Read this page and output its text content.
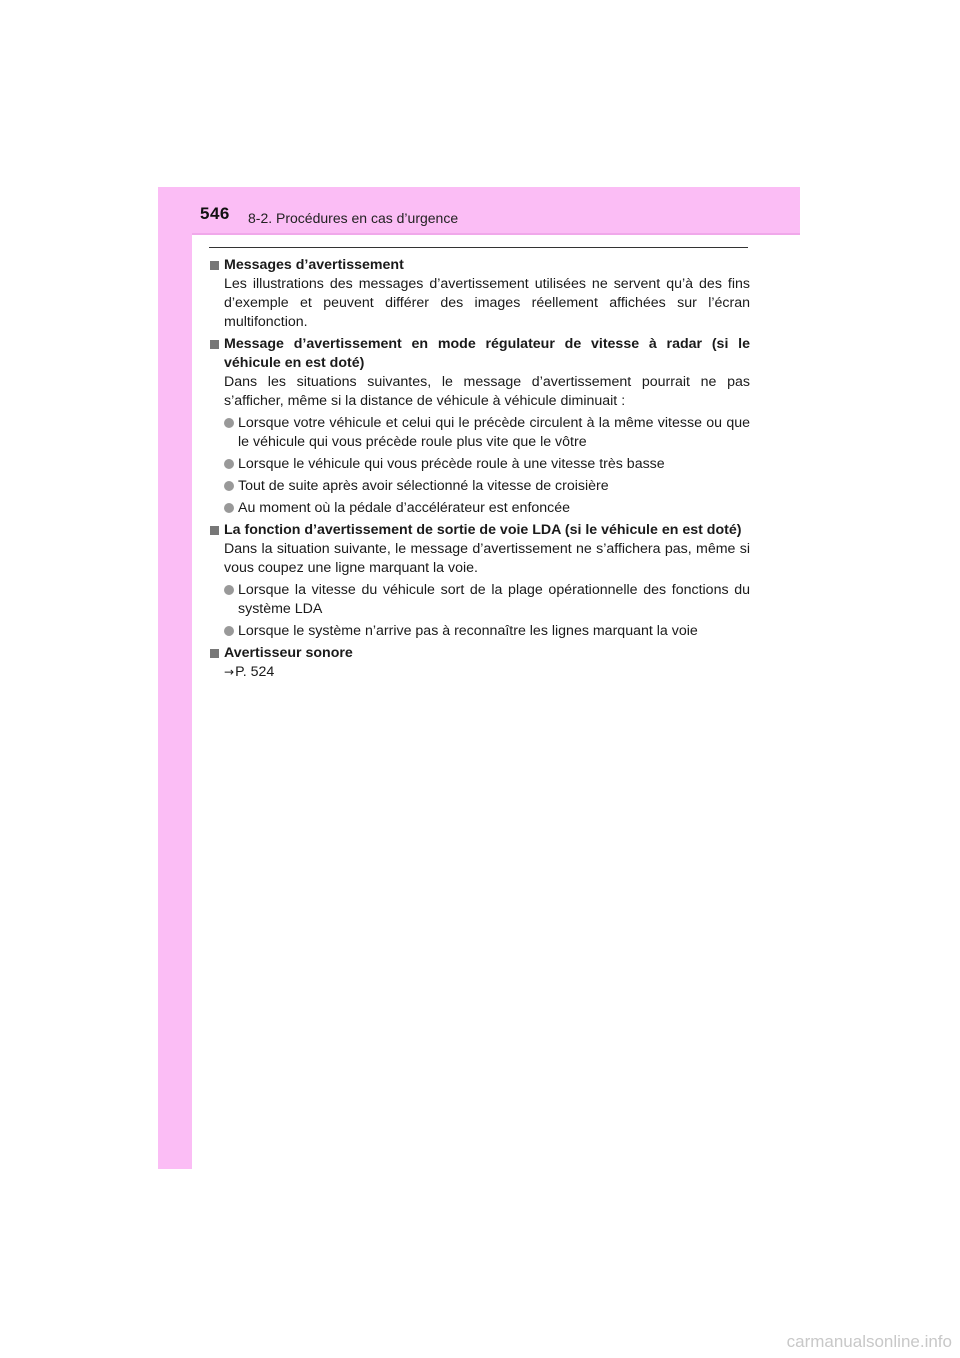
546 8-2. Procédures en cas d’urgence
Messages d’avertissement
Les illustrations des messages d’avertissement utilisées ne servent qu’à des fins d’exemple et peuvent différer des images réellement affichées sur l’écran multifonction.
Message d’avertissement en mode régulateur de vitesse à radar (si le véhicule en est doté)
Dans les situations suivantes, le message d’avertissement pourrait ne pas s’afficher, même si la distance de véhicule à véhicule diminuait :
Lorsque votre véhicule et celui qui le précède circulent à la même vitesse ou que le véhicule qui vous précède roule plus vite que le vôtre
Lorsque le véhicule qui vous précède roule à une vitesse très basse
Tout de suite après avoir sélectionné la vitesse de croisière
Au moment où la pédale d’accélérateur est enfoncée
La fonction d’avertissement de sortie de voie LDA (si le véhicule en est doté)
Dans la situation suivante, le message d’avertissement ne s’affichera pas, même si vous coupez une ligne marquant la voie.
Lorsque la vitesse du véhicule sort de la plage opérationnelle des fonctions du système LDA
Lorsque le système n’arrive pas à reconnaître les lignes marquant la voie
Avertisseur sonore
→P. 524
carmanualsonline.info
